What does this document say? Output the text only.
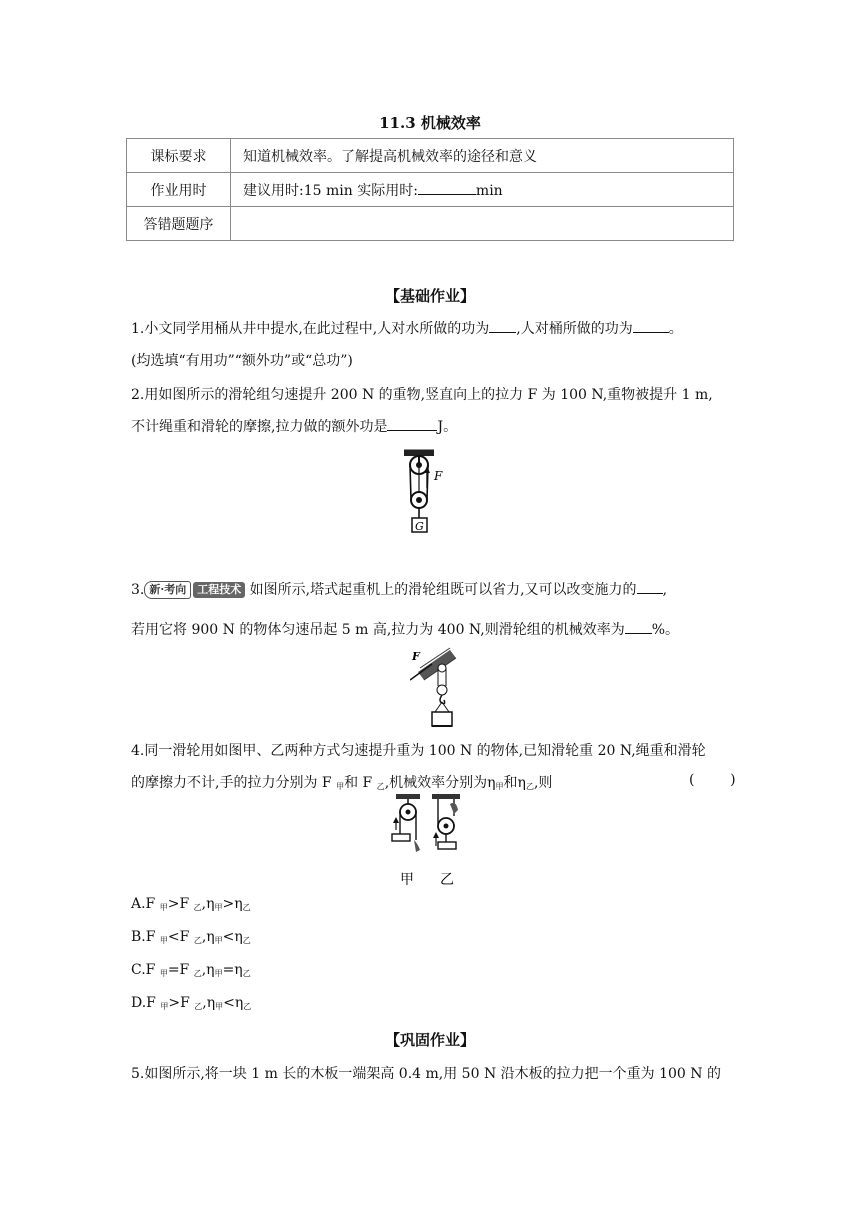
11.3 机械效率
课标要求	知道机械效率。了解提高机械效率的途径和意义
作业用时	建议用时:15 min 实际用时: min
答错题题序	
【基础作业】
1.小文同学用桶从井中提水,在此过程中,人对水所做的功为 ,人对桶所做的功为	。
(均选填“有用功”“额外功”或“总功”)
2.用如图所示的滑轮组匀速提升 200 N 的重物,竖直向上的拉力 F 为 100 N,重物被提升 1 m,
不计绳重和滑轮的摩擦,拉力做的额外功是	J。
F
G
3. 新·考向 工程技术 如图所示,塔式起重机上的滑轮组既可以省力,又可以改变施力的 ,
若用它将 900 N 的物体匀速吊起 5 m 高,拉力为 400 N,则滑轮组的机械效率为 %。
F
4.同一滑轮用如图甲、乙两种方式匀速提升重为 100 N 的物体,已知滑轮重 20 N,绳重和滑轮
的摩擦力不计,手的拉力分别为 F $_甲$和 F $_乙$,机械效率分别为$\eta_甲$和$\eta_乙$,则	(        )
甲 乙
A.F $_甲$>F $_乙,\eta_甲>\eta_乙$
B.F $_甲$<F $_乙,\eta_甲<\eta_乙$
C.F $_甲$=F $_乙,\eta_甲=\eta_乙$
D.F $_甲$>F $_乙,\eta_甲<\eta_乙$
【巩固作业】
5.如图所示,将一块 1 m 长的木板一端架高 0.4 m,用 50 N 沿木板的拉力把一个重为 100 N 的
